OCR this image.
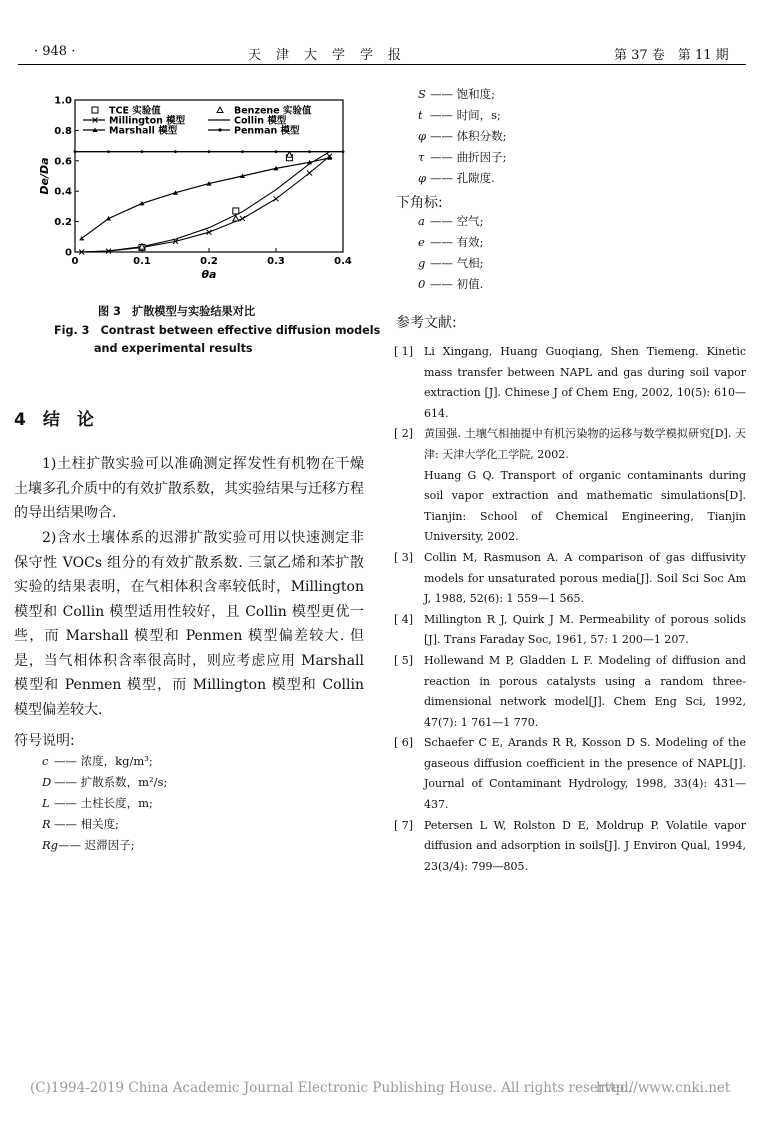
· 948 ·	天　津　大　学　学　报	第 37 卷　第 11 期
0	0.1	0.2	0.3	0.4
0
0.2
0.4
0.6
0.8
1.0
θa
De/Da
TCE 实验值	Benzene 实验值
Millington 模型	Collin 模型
Marshall 模型	Penman 模型
图 3　扩散模型与实验结果对比
Fig. 3　Contrast between effective diffusion models
and experimental results
4　结　论
1)土柱扩散实验可以准确测定挥发性有机物在干燥土壤多孔介质中的有效扩散系数，其实验结果与迁移方程的导出结果吻合.
2)含水土壤体系的迟滞扩散实验可用以快速测定非保守性 VOCs 组分的有效扩散系数. 三氯乙烯和苯扩散实验的结果表明，在气相体积含率较低时，Millington 模型和 Collin 模型适用性较好，且 Collin 模型更优一些，而 Marshall 模型和 Penmen 模型偏差较大. 但是，当气相体积含率很高时，则应考虑应用 Marshall 模型和 Penmen 模型，而 Millington 模型和 Collin 模型偏差较大.
符号说明:
c —— 浓度，kg/m³;
D —— 扩散系数，m²/s;
L —— 土柱长度，m;
R —— 相关度;
Rg—— 迟滞因子;
S —— 饱和度;
t —— 时间，s;
φ —— 体积分数;
τ —— 曲折因子;
φ —— 孔隙度.
下角标:
a —— 空气;
e —— 有效;
g —— 气相;
0 —— 初值.
参考文献:
[ 1] Li Xingang, Huang Guoqiang, Shen Tiemeng. Kinetic mass transfer between NAPL and gas during soil vapor extraction [J]. Chinese J of Chem Eng, 2002, 10(5): 610—614.
[ 2] 黄国强. 土壤气相抽提中有机污染物的运移与数学模拟研究[D]. 天津: 天津大学化工学院, 2002.
Huang G Q. Transport of organic contaminants during soil vapor extraction and mathematic simulations[D]. Tianjin: School of Chemical Engineering, Tianjin University, 2002.
[ 3] Collin M, Rasmuson A. A comparison of gas diffusivity models for unsaturated porous media[J]. Soil Sci Soc Am J, 1988, 52(6): 1 559—1 565.
[ 4] Millington R J, Quirk J M. Permeability of porous solids [J]. Trans Faraday Soc, 1961, 57: 1 200—1 207.
[ 5] Hollewand M P, Gladden L F. Modeling of diffusion and reaction in porous catalysts using a random three-dimensional network model[J]. Chem Eng Sci, 1992, 47(7): 1 761—1 770.
[ 6] Schaefer C E, Arands R R, Kosson D S. Modeling of the gaseous diffusion coefficient in the presence of NAPL[J]. Journal of Contaminant Hydrology, 1998, 33(4): 431—437.
[ 7] Petersen L W, Rolston D E, Moldrup P. Volatile vapor diffusion and adsorption in soils[J]. J Environ Qual, 1994, 23(3/4): 799—805.
(C)1994-2019 China Academic Journal Electronic Publishing House. All rights reserved.
http://www.cnki.net
